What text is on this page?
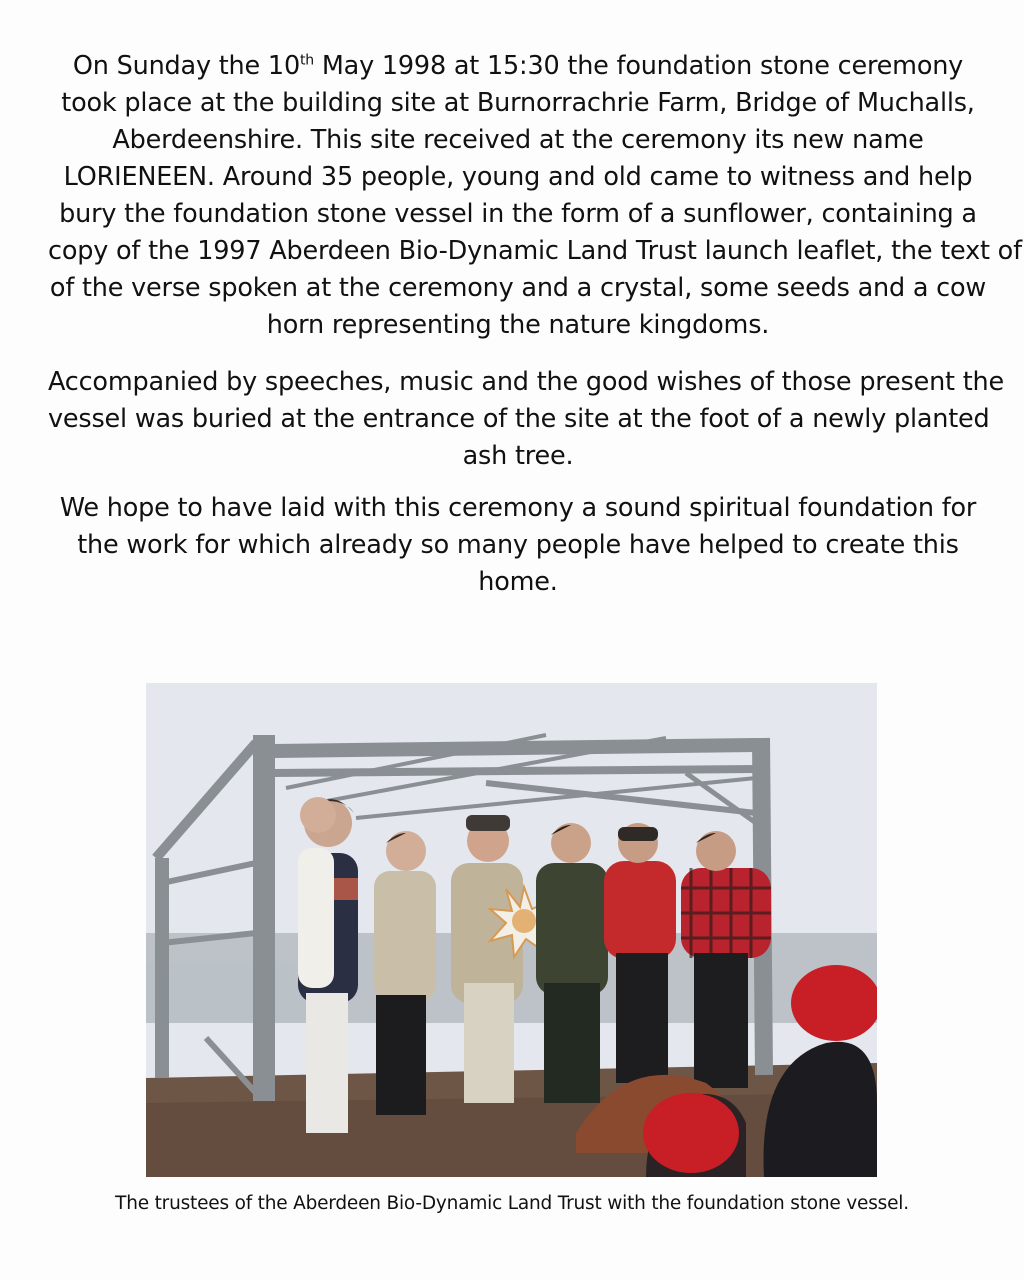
On Sunday the 10th May 1998 at 15:30 the foundation stone ceremony
took place at the building site at Burnorrachrie Farm, Bridge of Muchalls,
Aberdeenshire. This site received at the ceremony its new name
LORIENEEN. Around 35 people, young and old came to witness and help
bury the foundation stone vessel in the form of a sunflower, containing a
copy of the 1997 Aberdeen Bio-Dynamic Land Trust launch leaflet, the text of
of the verse spoken at the ceremony and a crystal, some seeds and a cow
horn representing the nature kingdoms.
Accompanied by speeches, music and the good wishes of those present the
vessel was buried at the entrance of the site at the foot of a newly planted
ash tree.
We hope to have laid with this ceremony a sound spiritual foundation for
the work for which already so many people have helped to create this
home.
The trustees of the Aberdeen Bio-Dynamic Land Trust with the foundation stone vessel.
